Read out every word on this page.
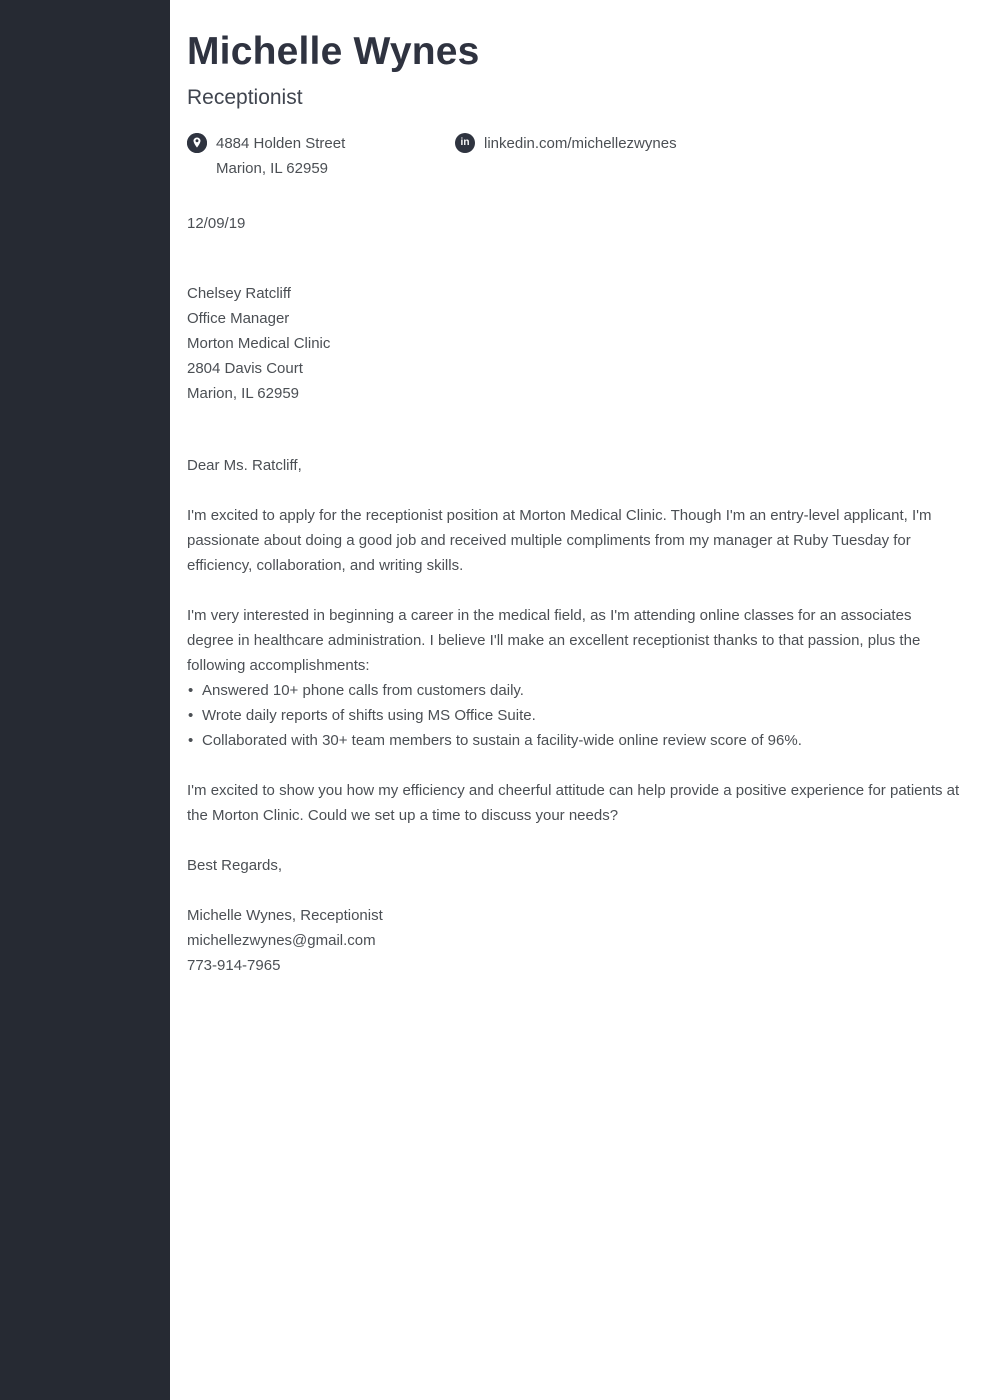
Michelle Wynes
Receptionist
4884 Holden Street
Marion, IL 62959
in linkedin.com/michellezwynes
12/09/19
Chelsey Ratcliff
Office Manager
Morton Medical Clinic
2804 Davis Court
Marion, IL 62959
Dear Ms. Ratcliff,

I'm excited to apply for the receptionist position at Morton Medical Clinic. Though I'm an entry-level applicant, I'm passionate about doing a good job and received multiple compliments from my manager at Ruby Tuesday for efficiency, collaboration, and writing skills.

I'm very interested in beginning a career in the medical field, as I'm attending online classes for an associates degree in healthcare administration. I believe I'll make an excellent receptionist thanks to that passion, plus the following accomplishments:

• Answered 10+ phone calls from customers daily.
• Wrote daily reports of shifts using MS Office Suite.
• Collaborated with 30+ team members to sustain a facility-wide online review score of 96%.

I'm excited to show you how my efficiency and cheerful attitude can help provide a positive experience for patients at the Morton Clinic. Could we set up a time to discuss your needs?

Best Regards,
Michelle Wynes, Receptionist
michellezwynes@gmail.com
773-914-7965
